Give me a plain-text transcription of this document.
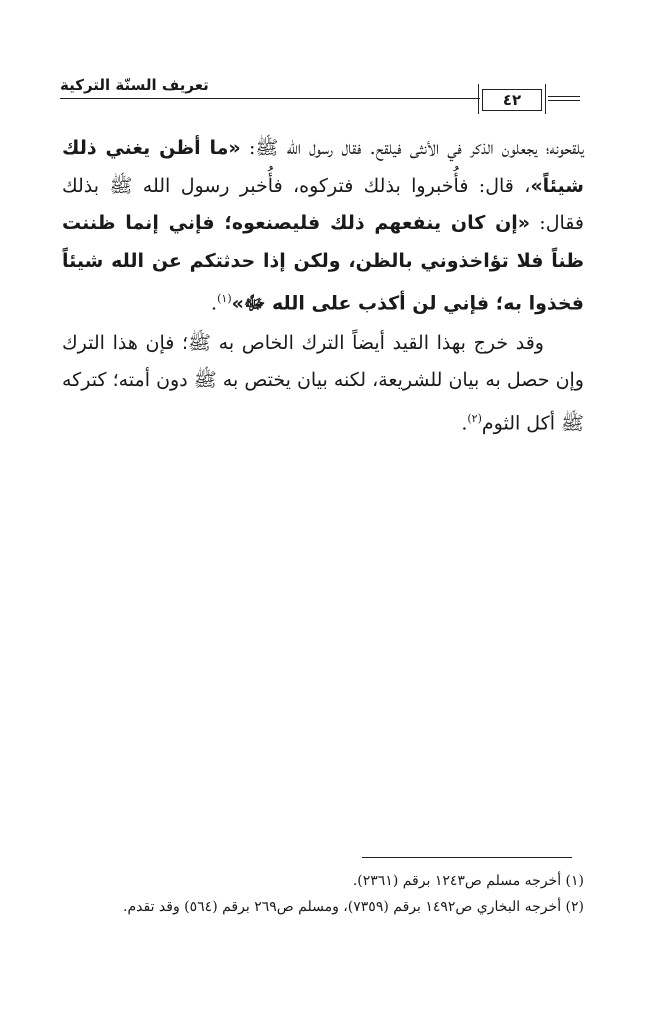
تعريف السنّة التركية
٤٢

يلقحونه؛ يجعلون الذكر في الأنثى فيلقح. فقال رسول الله ﷺ: «ما أظن يغني ذلك شيئاً»، قال: فأُخبروا بذلك فتركوه، فأُخبر رسول الله ﷺ بذلك فقال: «إن كان ينفعهم ذلك فليصنعوه؛ فإني إنما ظننت ظناً فلا تؤاخذوني بالظن، ولكن إذا حدثتكم عن الله شيئاً فخذوا به؛ فإني لن أكذب على الله ﷻ»$^{(١)}$.

وقد خرج بهذا القيد أيضاً الترك الخاص به ﷺ؛ فإن هذا الترك وإن حصل به بيان للشريعة، لكنه بيان يختص به ﷺ دون أمته؛ كتركه ﷺ أكل الثوم$^{(٢)}$.

(١) أخرجه مسلم ص١٢٤٣ برقم (٢٣٦١).

(٢) أخرجه البخاري ص١٤٩٢ برقم (٧٣٥٩)، ومسلم ص٢٦٩ برقم (٥٦٤) وقد تقدم.
